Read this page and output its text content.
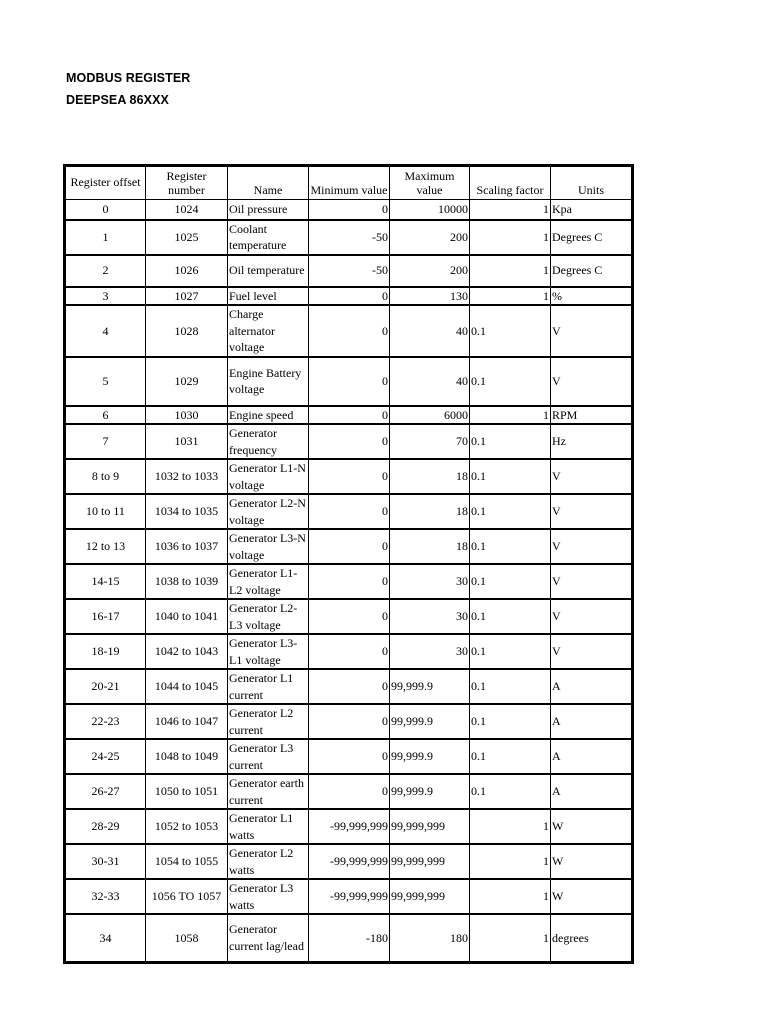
MODBUS REGISTER
DEEPSEA 86XXX
Register offset	Register number	Name	Minimum value	Maximum value	Scaling factor	Units
0	1024	Oil pressure	0	10000	1	Kpa
1	1025	Coolant temperature	-50	200	1	Degrees C
2	1026	Oil temperature	-50	200	1	Degrees C
3	1027	Fuel level	0	130	1	%
4	1028	Charge alternator voltage	0	40	0.1	V
5	1029	Engine Battery voltage	0	40	0.1	V
6	1030	Engine speed	0	6000	1	RPM
7	1031	Generator frequency	0	70	0.1	Hz
8 to 9	1032 to 1033	Generator L1-N voltage	0	18	0.1	V
10 to 11	1034 to 1035	Generator L2-N voltage	0	18	0.1	V
12 to 13	1036 to 1037	Generator L3-N voltage	0	18	0.1	V
14-15	1038 to 1039	Generator L1-L2 voltage	0	30	0.1	V
16-17	1040 to 1041	Generator L2-L3 voltage	0	30	0.1	V
18-19	1042 to 1043	Generator L3-L1 voltage	0	30	0.1	V
20-21	1044 to 1045	Generator L1 current	0	99,999.9	0.1	A
22-23	1046 to 1047	Generator L2 current	0	99,999.9	0.1	A
24-25	1048 to 1049	Generator L3 current	0	99,999.9	0.1	A
26-27	1050 to 1051	Generator earth current	0	99,999.9	0.1	A
28-29	1052 to 1053	Generator L1 watts	-99,999,999	99,999,999	1	W
30-31	1054 to 1055	Generator L2 watts	-99,999,999	99,999,999	1	W
32-33	1056 TO 1057	Generator L3 watts	-99,999,999	99,999,999	1	W
34	1058	Generator current lag/lead	-180	180	1	degrees
